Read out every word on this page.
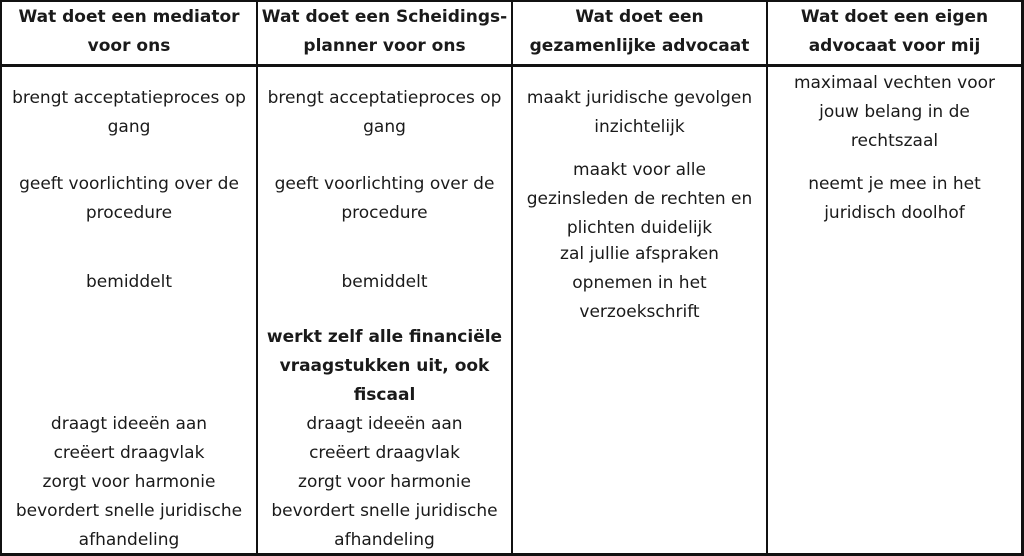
Wat doet een mediator
voor ons
Wat doet een Scheidings-
planner voor ons
Wat doet een
gezamenlijke advocaat
Wat doet een eigen
advocaat voor mij
brengt acceptatieproces op
gang
geeft voorlichting over de
procedure
bemiddelt
draagt ideeën aan
creëert draagvlak
zorgt voor harmonie
bevordert snelle juridische
afhandeling
brengt acceptatieproces op
gang
geeft voorlichting over de
procedure
bemiddelt
werkt zelf alle financiële
vraagstukken uit, ook
fiscaal
draagt ideeën aan
creëert draagvlak
zorgt voor harmonie
bevordert snelle juridische
afhandeling
maakt juridische gevolgen
inzichtelijk
maakt voor alle
gezinsleden de rechten en
plichten duidelijk
zal jullie afspraken
opnemen in het
verzoekschrift
maximaal vechten voor
jouw belang in de
rechtszaal
neemt je mee in het
juridisch doolhof
